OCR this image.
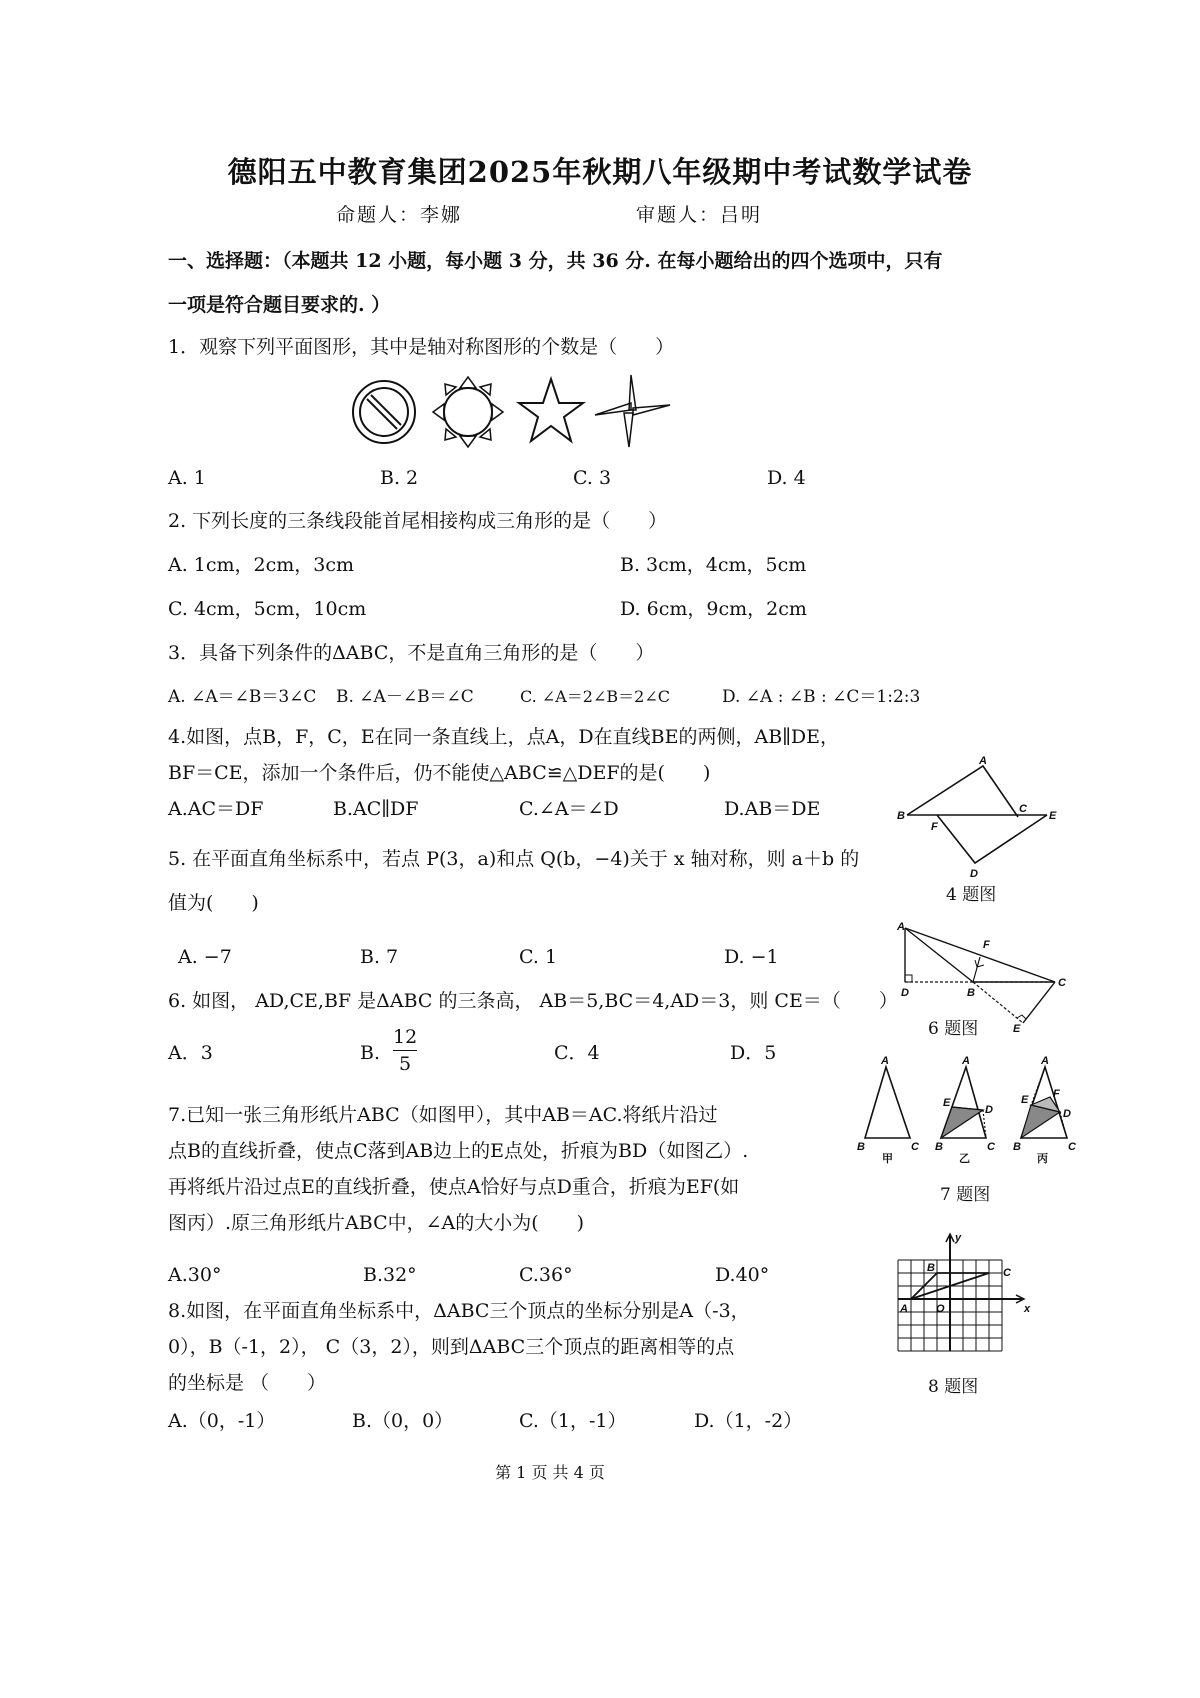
德阳五中教育集团2025年秋期八年级期中考试数学试卷
命题人：李娜	审题人：吕明
一、选择题：（本题共 12 小题，每小题 3 分，共 36 分. 在每小题给出的四个选项中，只有
一项是符合题目要求的. ）
1．观察下列平面图形，其中是轴对称图形的个数是（　　）
A. 1	B. 2	C. 3	D. 4
2. 下列长度的三条线段能首尾相接构成三角形的是（　　）
A. 1cm，2cm，3cm	B. 3cm，4cm，5cm
C. 4cm，5cm，10cm	D. 6cm，9cm，2cm
3．具备下列条件的ΔABC，不是直角三角形的是（　　）
A. ∠A＝∠B＝3∠C B. ∠A－∠B＝∠C	C. ∠A＝2∠B＝2∠C	D. ∠A : ∠B : ∠C＝1:2:3
4.如图，点B，F，C，E在同一条直线上，点A，D在直线BE的两侧，AB∥DE，
BF＝CE，添加一个条件后，仍不能使△ABC≌△DEF的是(　　)
A.AC＝DF	B.AC∥DF	C.∠A＝∠D	D.AB＝DE
A
B
F
C
E
D
4 题图
5. 在平面直角坐标系中，若点 P(3，a)和点 Q(b，−4)关于 x 轴对称，则 a＋b 的
值为(　　)
A. −7	B. 7	C. 1	D. −1
A
F
D	B
C
E
6 题图
6. 如图， AD,CE,BF 是ΔABC 的三条高， AB＝5,BC＝4,AD＝3，则 CE＝（　　）
A．3	B. $\frac{12}{5}$	C．4	D．5	A
B	C
甲
A
E
D
B	C
乙
A
F
E
D
B	C
丙
7 题图
7.已知一张三角形纸片ABC（如图甲），其中AB＝AC.将纸片沿过
点B的直线折叠，使点C落到AB边上的E点处，折痕为BD（如图乙）.
再将纸片沿过点E的直线折叠，使点A恰好与点D重合，折痕为EF(如
图丙）.原三角形纸片ABC中，∠A的大小为(　　)
A.30°	B.32°	C.36°	D.40°
y
x
B	C
A	O
8 题图
8.如图，在平面直角坐标系中，ΔABC三个顶点的坐标分别是A（-3，
0），B（-1，2）， C（3，2），则到ΔABC三个顶点的距离相等的点
的坐标是 （　　）
A.（0，-1）	B.（0，0）	C.（1，-1）	D.（1，-2）
第 1 页 共 4 页
